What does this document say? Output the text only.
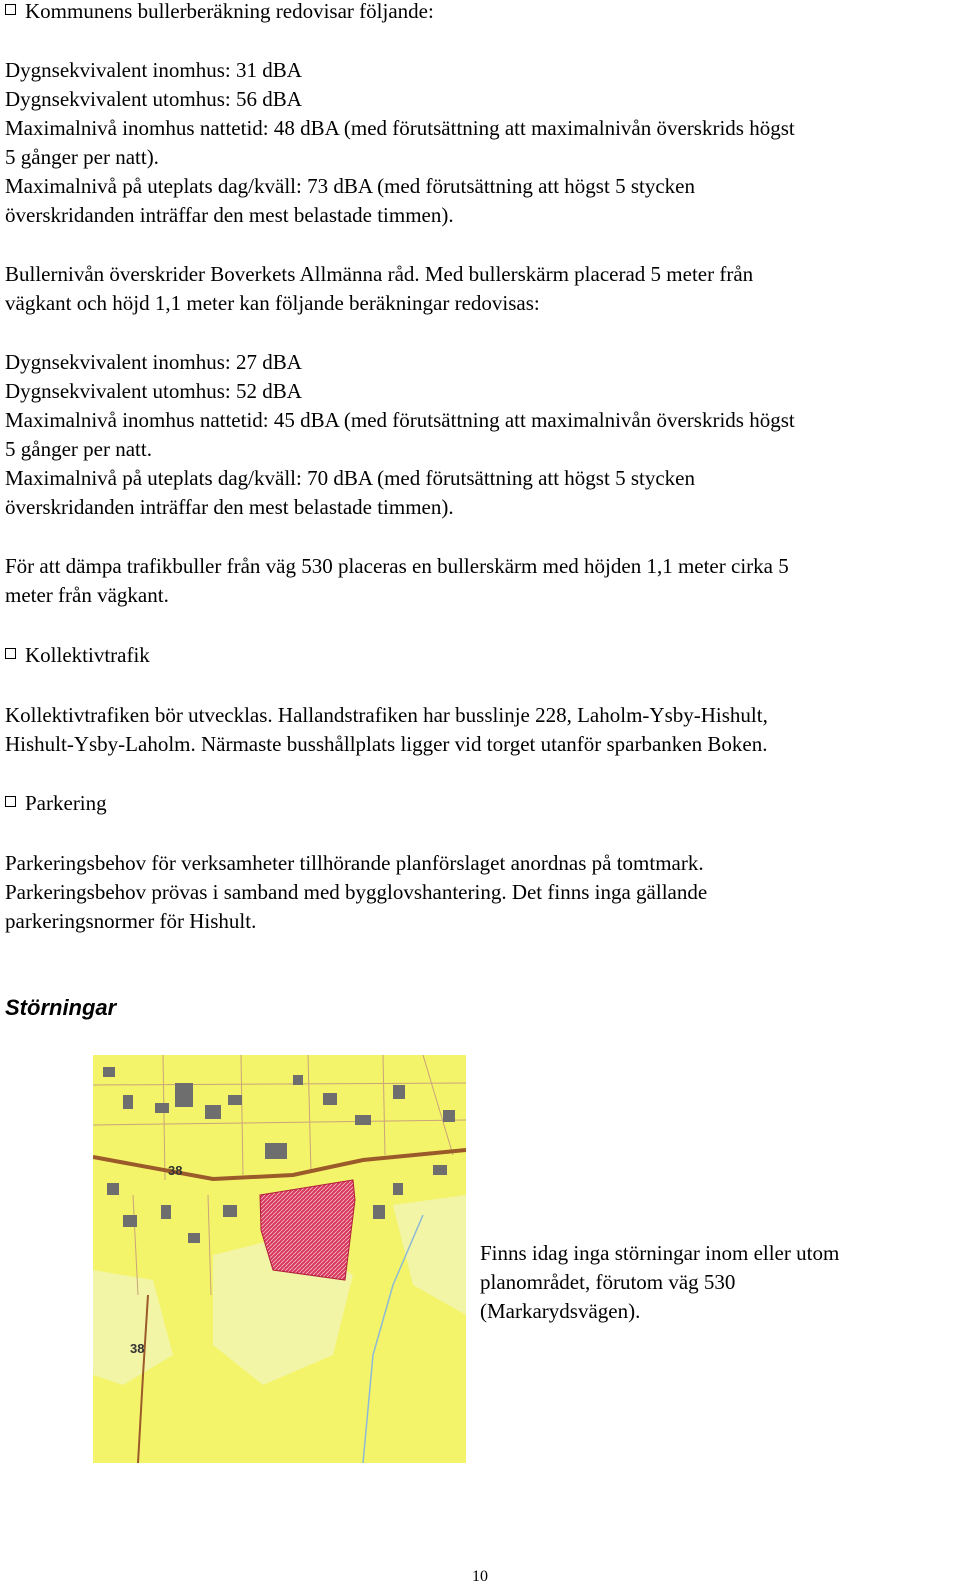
Kommunens bullerberäkning redovisar följande:
Dygnsekvivalent inomhus: 31 dBA
Dygnsekvivalent utomhus: 56 dBA
Maximalnivå inomhus nattetid: 48 dBA (med förutsättning att maximalnivån överskrids högst
5 gånger per natt).
Maximalnivå på uteplats dag/kväll: 73 dBA (med förutsättning att högst 5 stycken
överskridanden inträffar den mest belastade timmen).
Bullernivån överskrider Boverkets Allmänna råd. Med bullerskärm placerad 5 meter från
vägkant och höjd 1,1 meter kan följande beräkningar redovisas:
Dygnsekvivalent inomhus: 27 dBA
Dygnsekvivalent utomhus: 52 dBA
Maximalnivå inomhus nattetid: 45 dBA (med förutsättning att maximalnivån överskrids högst
5 gånger per natt.
Maximalnivå på uteplats dag/kväll: 70 dBA (med förutsättning att högst 5 stycken
överskridanden inträffar den mest belastade timmen).
För att dämpa trafikbuller från väg 530 placeras en bullerskärm med höjden 1,1 meter cirka 5
meter från vägkant.
Kollektivtrafik
Kollektivtrafiken bör utvecklas. Hallandstrafiken har busslinje 228, Laholm-Ysby-Hishult,
Hishult-Ysby-Laholm. Närmaste busshållplats ligger vid torget utanför sparbanken Boken.
Parkering
Parkeringsbehov för verksamheter tillhörande planförslaget anordnas på tomtmark.
Parkeringsbehov prövas i samband med bygglovshantering. Det finns inga gällande
parkeringsnormer för Hishult.
Störningar
38
38
Finns idag inga störningar inom eller utom
planområdet, förutom väg 530
(Markarydsvägen).
10
